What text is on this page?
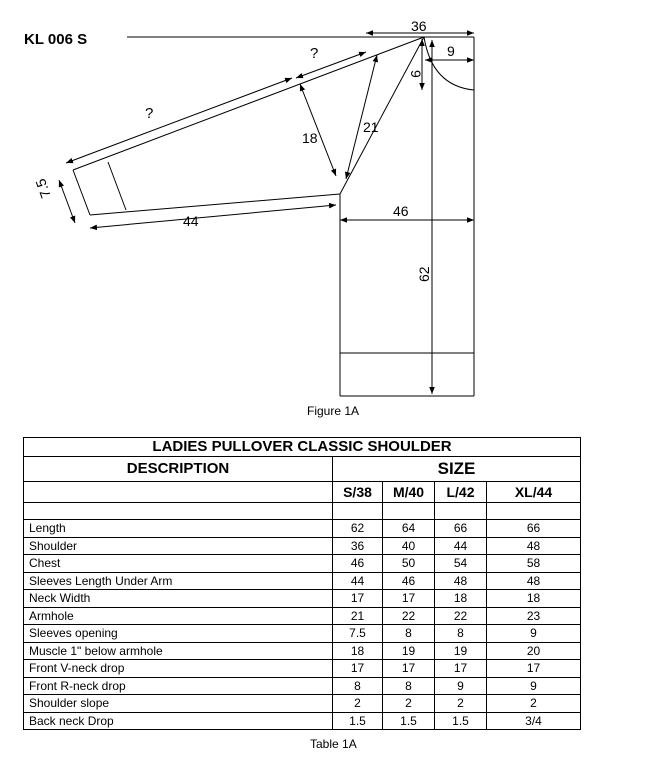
KL 006 S
36
9
9
46
62
21
18
44
7.5
?
?
Figure 1A
LADIES PULLOVER CLASSIC SHOULDER				
DESCRIPTION	SIZE			
	S/38	M/40	L/42	XL/44

Length	62	64	66	66
Shoulder	36	40	44	48
Chest	46	50	54	58
Sleeves Length Under Arm	44	46	48	48
Neck Width	17	17	18	18
Armhole	21	22	22	23
Sleeves opening	7.5	8	8	9
Muscle 1" below armhole	18	19	19	20
Front V-neck drop	17	17	17	17
Front R-neck drop	8	8	9	9
Shoulder slope	2	2	2	2
Back neck Drop	1.5	1.5	1.5	3/4
Table 1A
